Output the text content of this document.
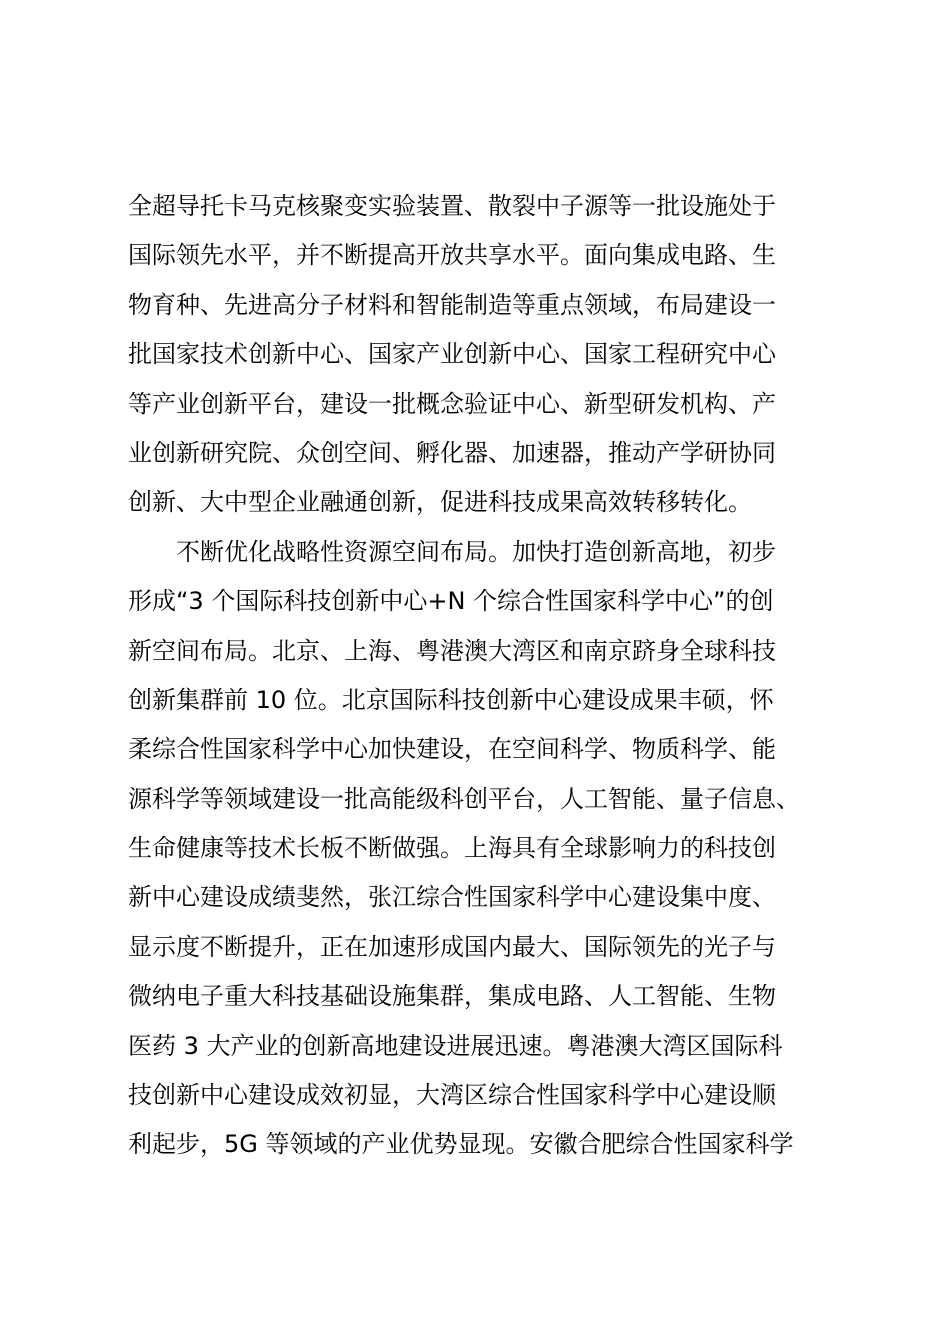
全超导托卡马克核聚变实验装置、散裂中子源等一批设施处于
国际领先水平，并不断提高开放共享水平。面向集成电路、生
物育种、先进高分子材料和智能制造等重点领域，布局建设一
批国家技术创新中心、国家产业创新中心、国家工程研究中心
等产业创新平台，建设一批概念验证中心、新型研发机构、产
业创新研究院、众创空间、孵化器、加速器，推动产学研协同
创新、大中型企业融通创新，促进科技成果高效转移转化。
不断优化战略性资源空间布局。加快打造创新高地，初步
形成“3 个国际科技创新中心+N 个综合性国家科学中心”的创
新空间布局。北京、上海、粤港澳大湾区和南京跻身全球科技
创新集群前 10 位。北京国际科技创新中心建设成果丰硕，怀
柔综合性国家科学中心加快建设，在空间科学、物质科学、能
源科学等领域建设一批高能级科创平台，人工智能、量子信息、
生命健康等技术长板不断做强。上海具有全球影响力的科技创
新中心建设成绩斐然，张江综合性国家科学中心建设集中度、
显示度不断提升，正在加速形成国内最大、国际领先的光子与
微纳电子重大科技基础设施集群，集成电路、人工智能、生物
医药 3 大产业的创新高地建设进展迅速。粤港澳大湾区国际科
技创新中心建设成效初显，大湾区综合性国家科学中心建设顺
利起步，5G 等领域的产业优势显现。安徽合肥综合性国家科学
